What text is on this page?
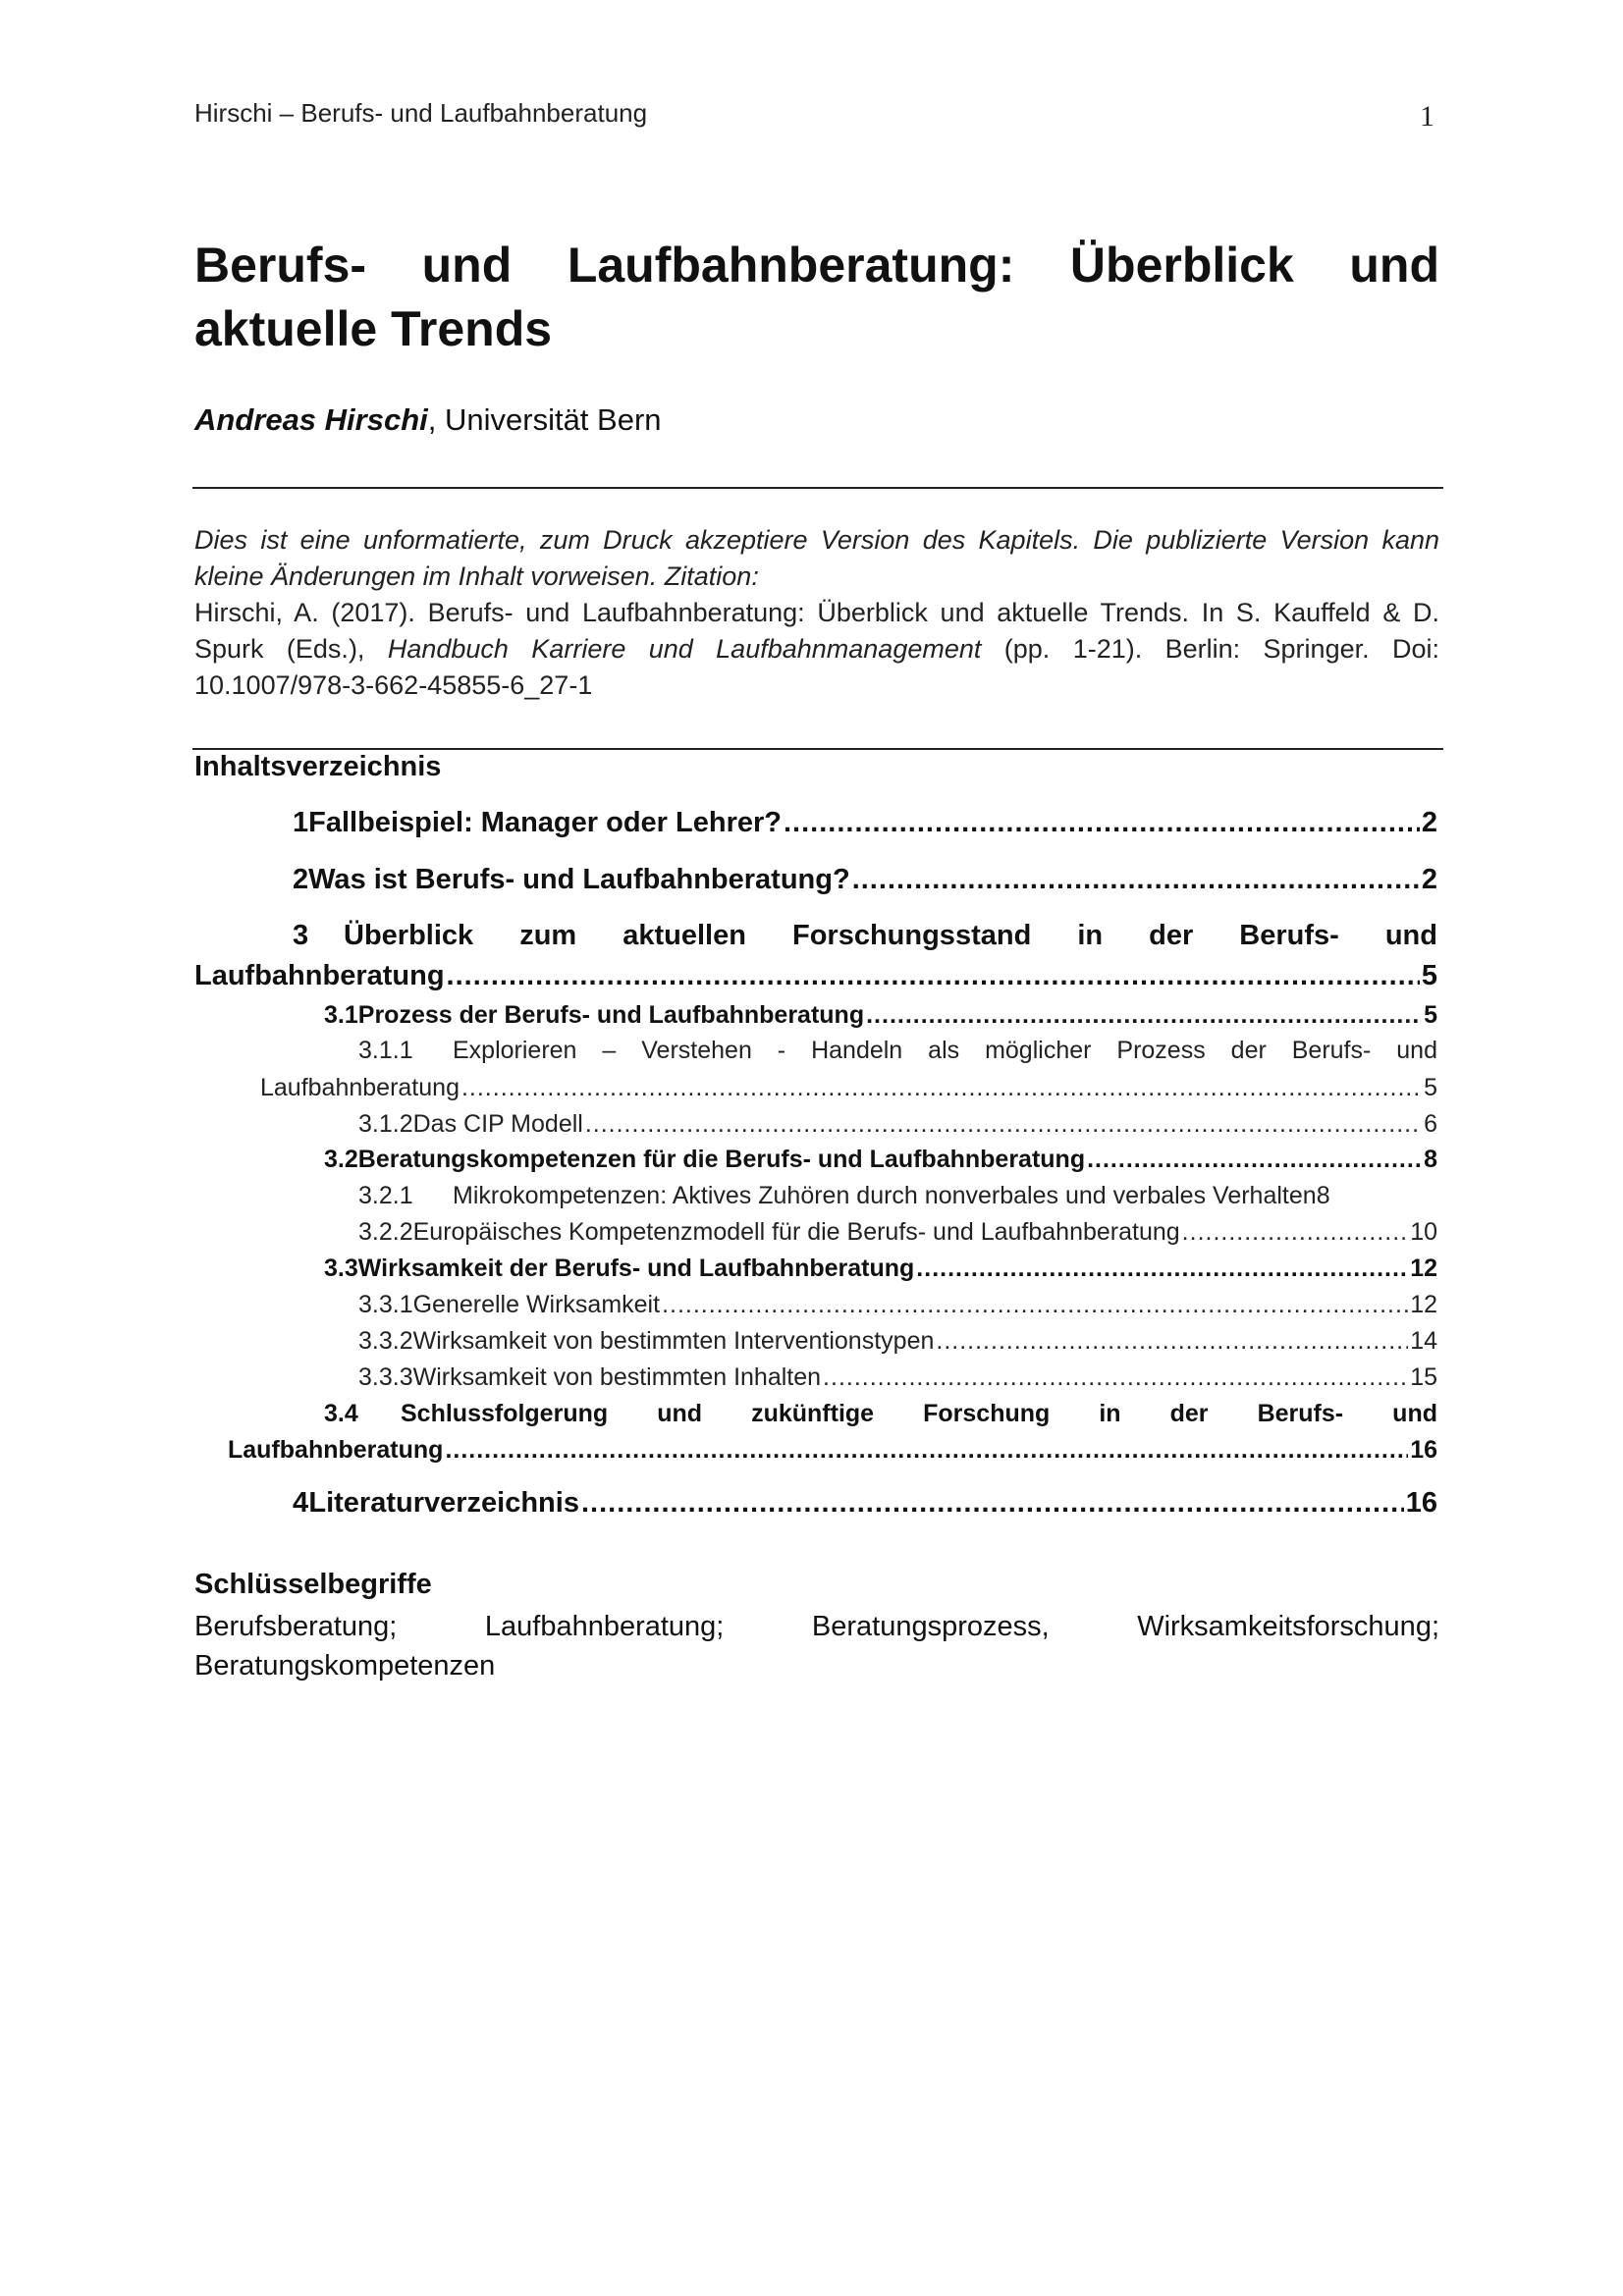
Hirschi – Berufs- und Laufbahnberatung	1
Berufs- und Laufbahnberatung: Überblick und aktuelle Trends
Andreas Hirschi, Universität Bern
Dies ist eine unformatierte, zum Druck akzeptiere Version des Kapitels. Die publizierte Version kann kleine Änderungen im Inhalt vorweisen. Zitation:
Hirschi, A. (2017). Berufs- und Laufbahnberatung: Überblick und aktuelle Trends. In S. Kauffeld & D. Spurk (Eds.), Handbuch Karriere und Laufbahnmanagement (pp. 1-21). Berlin: Springer. Doi: 10.1007/978-3-662-45855-6_27-1
Inhaltsverzeichnis
1 Fallbeispiel: Manager oder Lehrer? .....	2
2 Was ist Berufs- und Laufbahnberatung? .....	2
3 Überblick zum aktuellen Forschungsstand in der Berufs- und
Laufbahnberatung .....	5
3.1 Prozess der Berufs- und Laufbahnberatung .....	5
3.1.1 Explorieren – Verstehen - Handeln als möglicher Prozess der Berufs- und
Laufbahnberatung .....	5
3.1.2 Das CIP Modell .....	6
3.2 Beratungskompetenzen für die Berufs- und Laufbahnberatung .....	8
3.2.1	Mikrokompetenzen: Aktives Zuhören durch nonverbales und verbales Verhalten 8
3.2.2 Europäisches Kompetenzmodell für die Berufs- und Laufbahnberatung .....	10
3.3 Wirksamkeit der Berufs- und Laufbahnberatung .....	12
3.3.1 Generelle Wirksamkeit .....	12
3.3.2 Wirksamkeit von bestimmten Interventionstypen .....	14
3.3.3 Wirksamkeit von bestimmten Inhalten .....	15
3.4 Schlussfolgerung und zukünftige Forschung in der Berufs- und
Laufbahnberatung .....	16
4 Literaturverzeichnis .....	16
Schlüsselbegriffe
Berufsberatung; Laufbahnberatung; Beratungsprozess, Wirksamkeitsforschung;
Beratungskompetenzen
